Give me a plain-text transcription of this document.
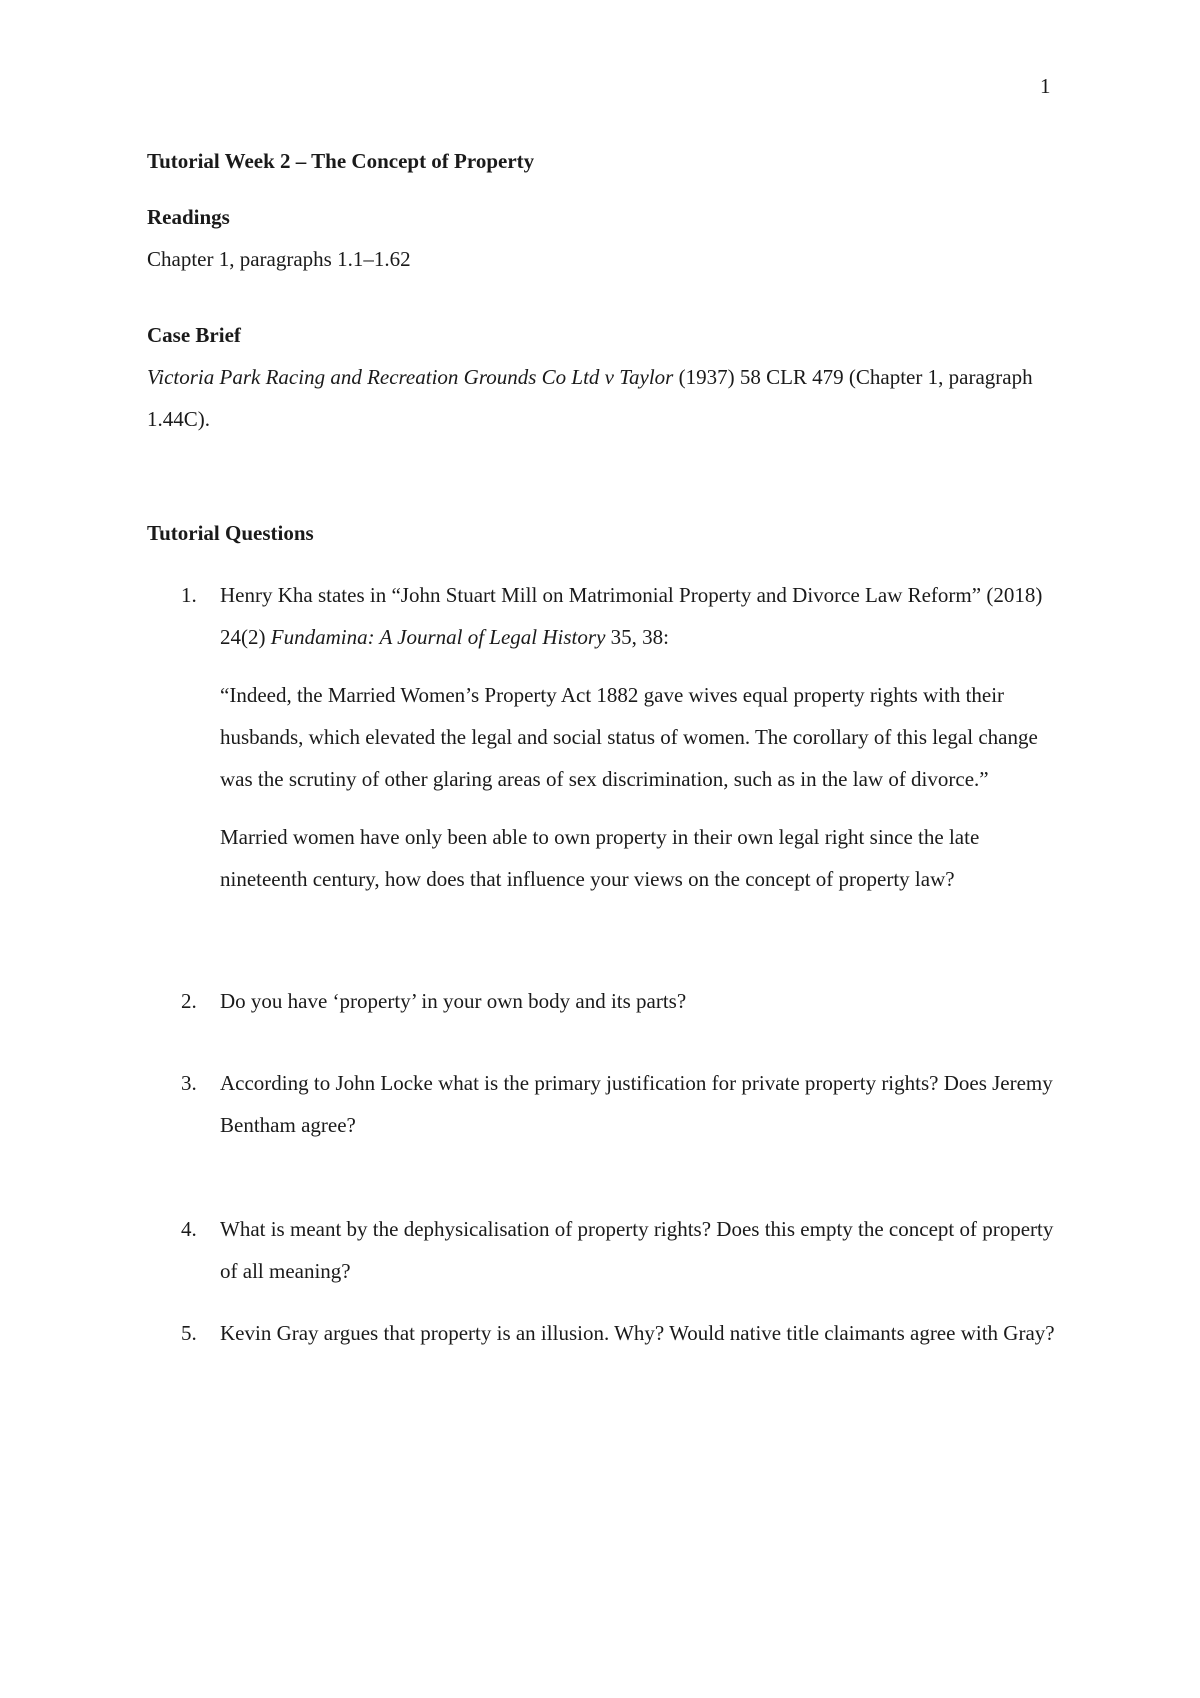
1

Tutorial Week 2 – The Concept of Property

Readings

Chapter 1, paragraphs 1.1–1.62

Case Brief

Victoria Park Racing and Recreation Grounds Co Ltd v Taylor (1937) 58 CLR 479 (Chapter 1, paragraph 1.44C).

Tutorial Questions

1. Henry Kha states in “John Stuart Mill on Matrimonial Property and Divorce Law Reform” (2018) 24(2) Fundamina: A Journal of Legal History 35, 38:

“Indeed, the Married Women’s Property Act 1882 gave wives equal property rights with their husbands, which elevated the legal and social status of women. The corollary of this legal change was the scrutiny of other glaring areas of sex discrimination, such as in the law of divorce.”

Married women have only been able to own property in their own legal right since the late nineteenth century, how does that influence your views on the concept of property law?

2. Do you have ‘property’ in your own body and its parts?

3. According to John Locke what is the primary justification for private property rights? Does Jeremy Bentham agree?

4. What is meant by the dephysicalisation of property rights? Does this empty the concept of property of all meaning?

5. Kevin Gray argues that property is an illusion. Why? Would native title claimants agree with Gray?
